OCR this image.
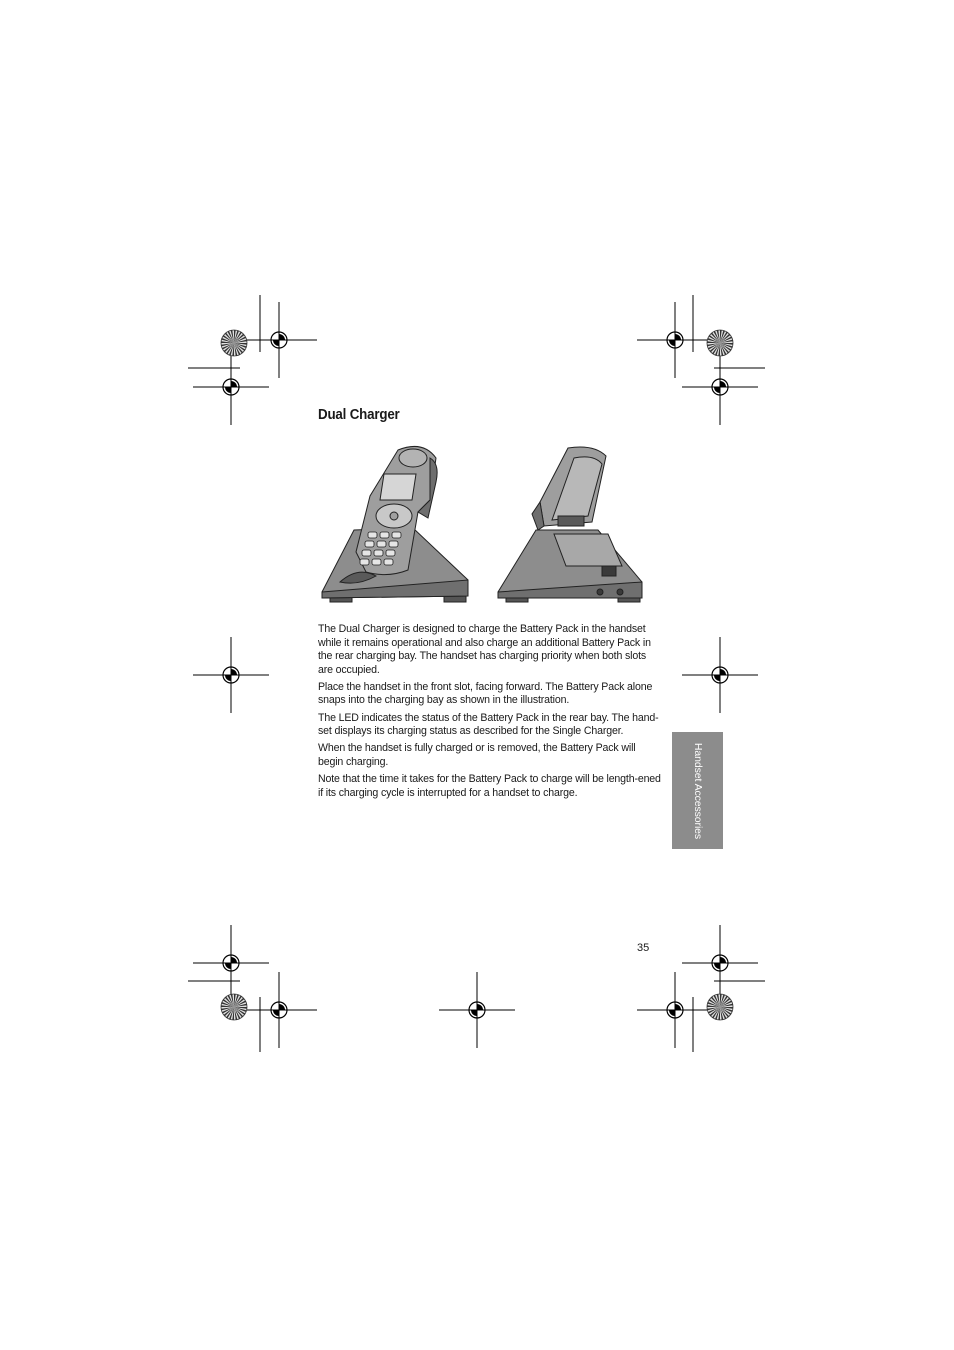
Dual Charger

The Dual Charger is designed to charge the Battery Pack in the handset while it remains operational and also charge an additional Battery Pack in the rear charging bay. The handset has charging priority when both slots are occupied.

Place the handset in the front slot, facing forward. The Battery Pack alone snaps into the charging bay as shown in the illustration.

The LED indicates the status of the Battery Pack in the rear bay. The hand-set displays its charging status as described for the Single Charger.

When the handset is fully charged or is removed, the Battery Pack will begin charging.

Note that the time it takes for the Battery Pack to charge will be length-ened if its charging cycle is interrupted for a handset to charge.	Handset Accessories
35
